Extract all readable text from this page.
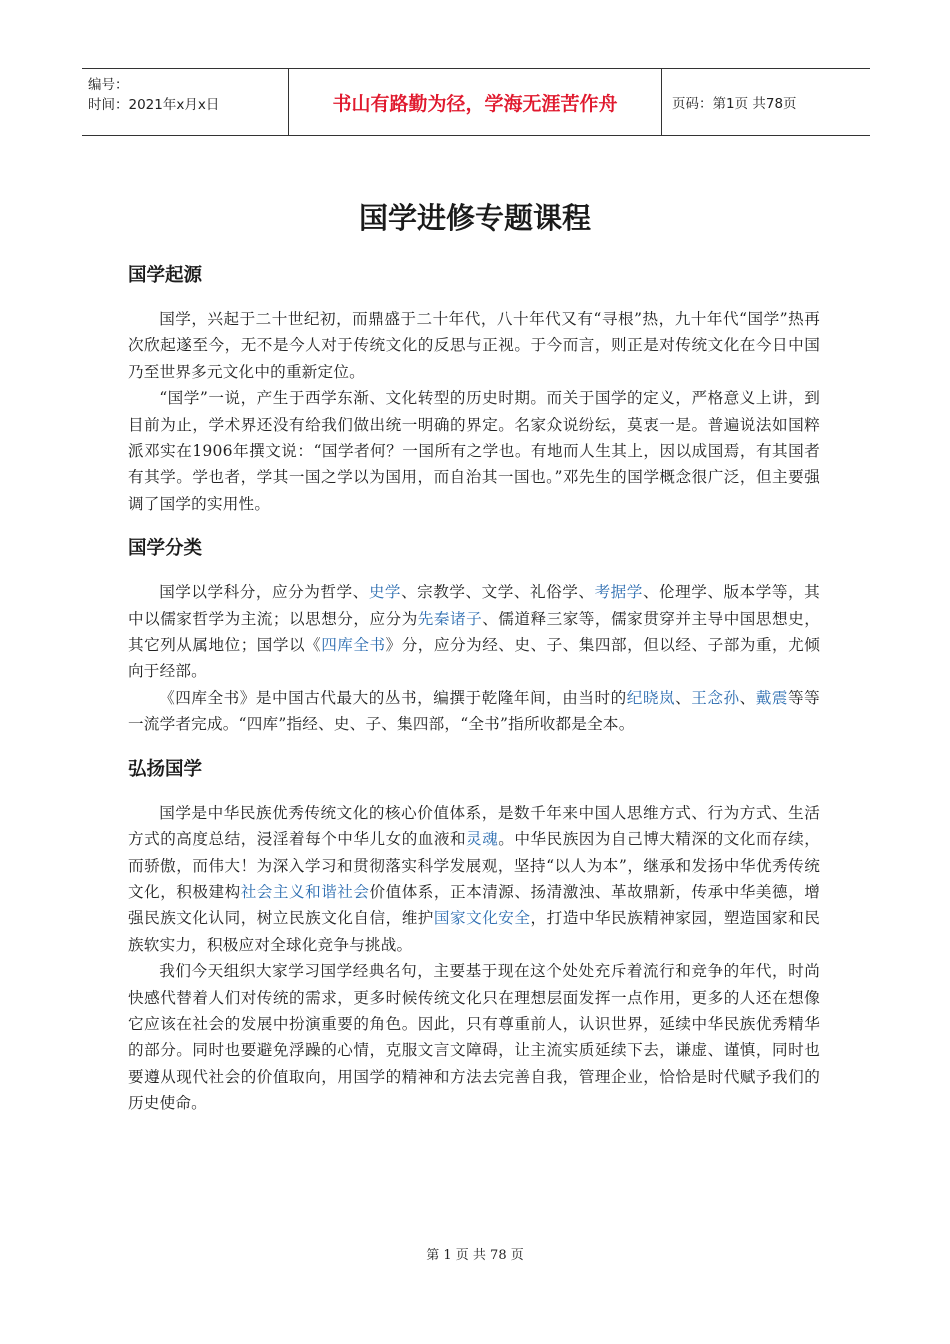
编号：
时间：2021年x月x日	书山有路勤为径，学海无涯苦作舟	页码：第1页 共78页
国学进修专题课程
国学起源

国学，兴起于二十世纪初，而鼎盛于二十年代，八十年代又有“寻根”热，九十年代“国学”热再次欣起遂至今，无不是今人对于传统文化的反思与正视。于今而言，则正是对传统文化在今日中国乃至世界多元文化中的重新定位。

“国学”一说，产生于西学东渐、文化转型的历史时期。而关于国学的定义，严格意义上讲，到目前为止，学术界还没有给我们做出统一明确的界定。名家众说纷纭，莫衷一是。普遍说法如国粹派邓实在1906年撰文说：“国学者何？一国所有之学也。有地而人生其上，因以成国焉，有其国者有其学。学也者，学其一国之学以为国用，而自治其一国也。”邓先生的国学概念很广泛，但主要强调了国学的实用性。

国学分类

国学以学科分，应分为哲学、史学、宗教学、文学、礼俗学、考据学、伦理学、版本学等，其中以儒家哲学为主流；以思想分，应分为先秦诸子、儒道释三家等，儒家贯穿并主导中国思想史，其它列从属地位；国学以《四库全书》分，应分为经、史、子、集四部，但以经、子部为重，尤倾向于经部。

《四库全书》是中国古代最大的丛书，编撰于乾隆年间，由当时的纪晓岚、王念孙、戴震等等一流学者完成。“四库”指经、史、子、集四部，“全书”指所收都是全本。

弘扬国学

国学是中华民族优秀传统文化的核心价值体系，是数千年来中国人思维方式、行为方式、生活方式的高度总结，浸淫着每个中华儿女的血液和灵魂。中华民族因为自己博大精深的文化而存续，而骄傲，而伟大！为深入学习和贯彻落实科学发展观，坚持“以人为本”，继承和发扬中华优秀传统文化，积极建构社会主义和谐社会价值体系，正本清源、扬清激浊、革故鼎新，传承中华美德，增强民族文化认同，树立民族文化自信，维护国家文化安全，打造中华民族精神家园，塑造国家和民族软实力，积极应对全球化竞争与挑战。

我们今天组织大家学习国学经典名句，主要基于现在这个处处充斥着流行和竞争的年代，时尚快感代替着人们对传统的需求，更多时候传统文化只在理想层面发挥一点作用，更多的人还在想像它应该在社会的发展中扮演重要的角色。因此，只有尊重前人，认识世界，延续中华民族优秀精华的部分。同时也要避免浮躁的心情，克服文言文障碍，让主流实质延续下去，谦虚、谨慎，同时也要遵从现代社会的价值取向，用国学的精神和方法去完善自我，管理企业，恰恰是时代赋予我们的历史使命。

第 1 页 共 78 页
